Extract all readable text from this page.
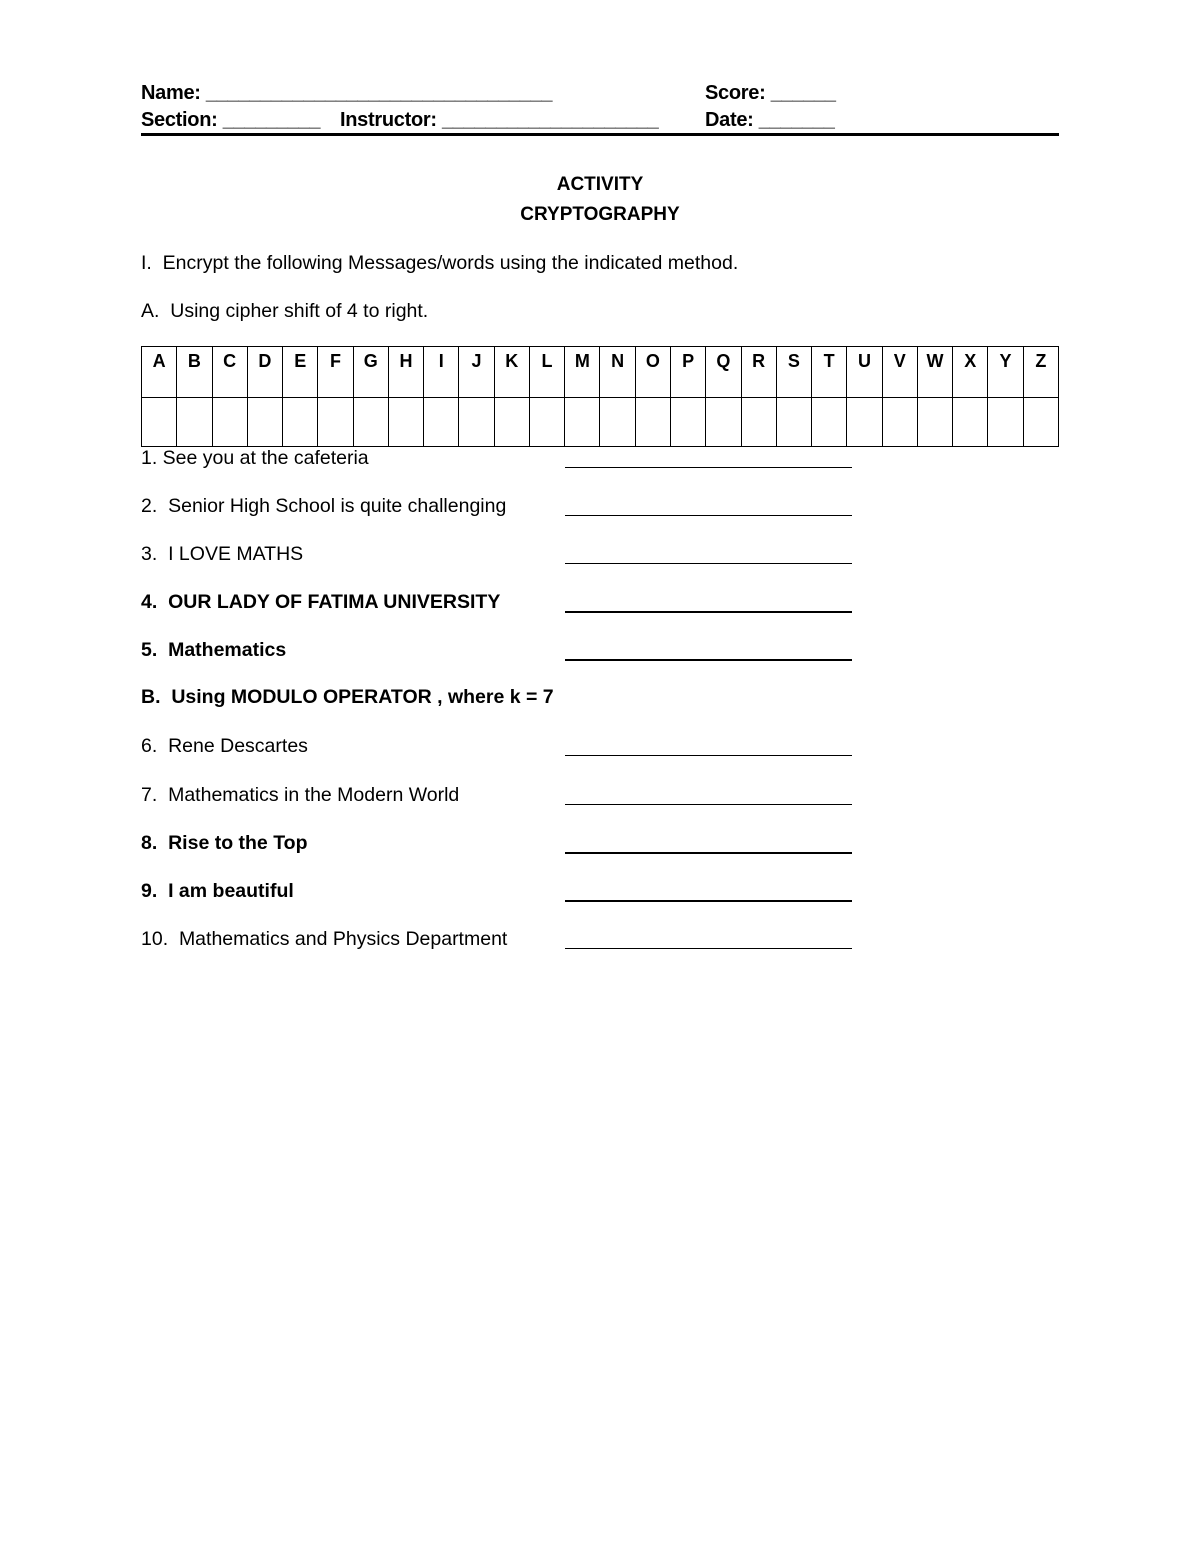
Name: ________________________________	Score: ______
Section: _________ Instructor: ____________________ Date: _______
ACTIVITY
CRYPTOGRAPHY
I.  Encrypt the following Messages/words using the indicated method.
A.  Using cipher shift of 4 to right.
A	B	C	D	E	F	G	H	I	J	K	L	M	N	O	P	Q	R	S	T	U	V	W	X	Y	Z

1. See you at the cafeteria
2.  Senior High School is quite challenging
3.  I LOVE MATHS
4.  OUR LADY OF FATIMA UNIVERSITY
5.  Mathematics
B.  Using MODULO OPERATOR , where k = 7
6.  Rene Descartes
7.  Mathematics in the Modern World
8.  Rise to the Top
9.  I am beautiful
10.  Mathematics and Physics Department
